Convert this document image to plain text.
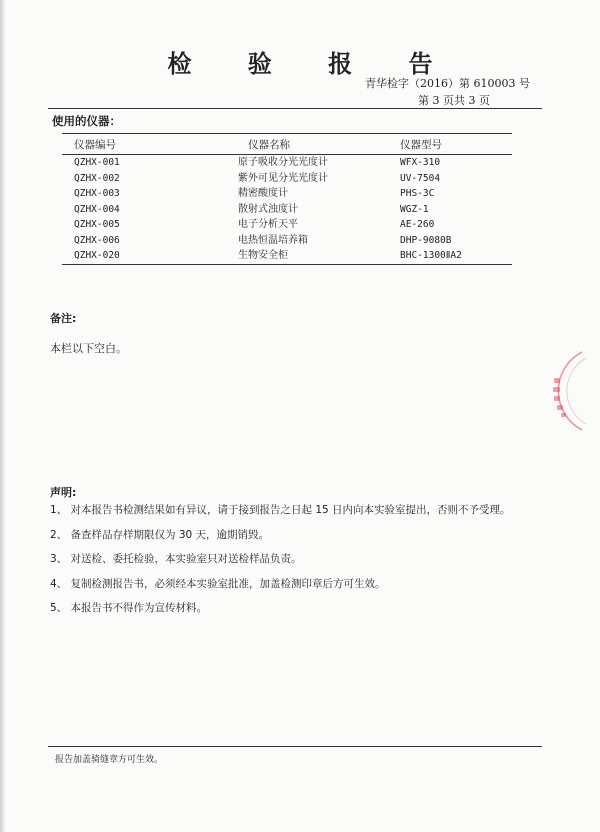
检 验 报 告
青华检字（2016）第 610003 号
第 3 页共 3 页
使用的仪器：
仪器编号	仪器名称	仪器型号
QZHX-001	原子吸收分光光度计	WFX-310
QZHX-002	紫外可见分光光度计	UV-7504
QZHX-003	精密酸度计	PHS-3C
QZHX-004	散射式浊度计	WGZ-1
QZHX-005	电子分析天平	AE-260
QZHX-006	电热恒温培养箱	DHP-9080B
QZHX-020	生物安全柜	BHC-1300ⅡA2
备注:
本栏以下空白。
声明:
1、 对本报告书检测结果如有异议，请于接到报告之日起 15 日内向本实验室提出，否则不予受理。
2、 备查样品存样期限仅为 30 天，逾期销毁。
3、 对送检、委托检验，本实验室只对送检样品负责。
4、 复制检测报告书，必须经本实验室批准，加盖检测印章后方可生效。
5、 本报告书不得作为宣传材料。
报告加盖骑缝章方可生效。
